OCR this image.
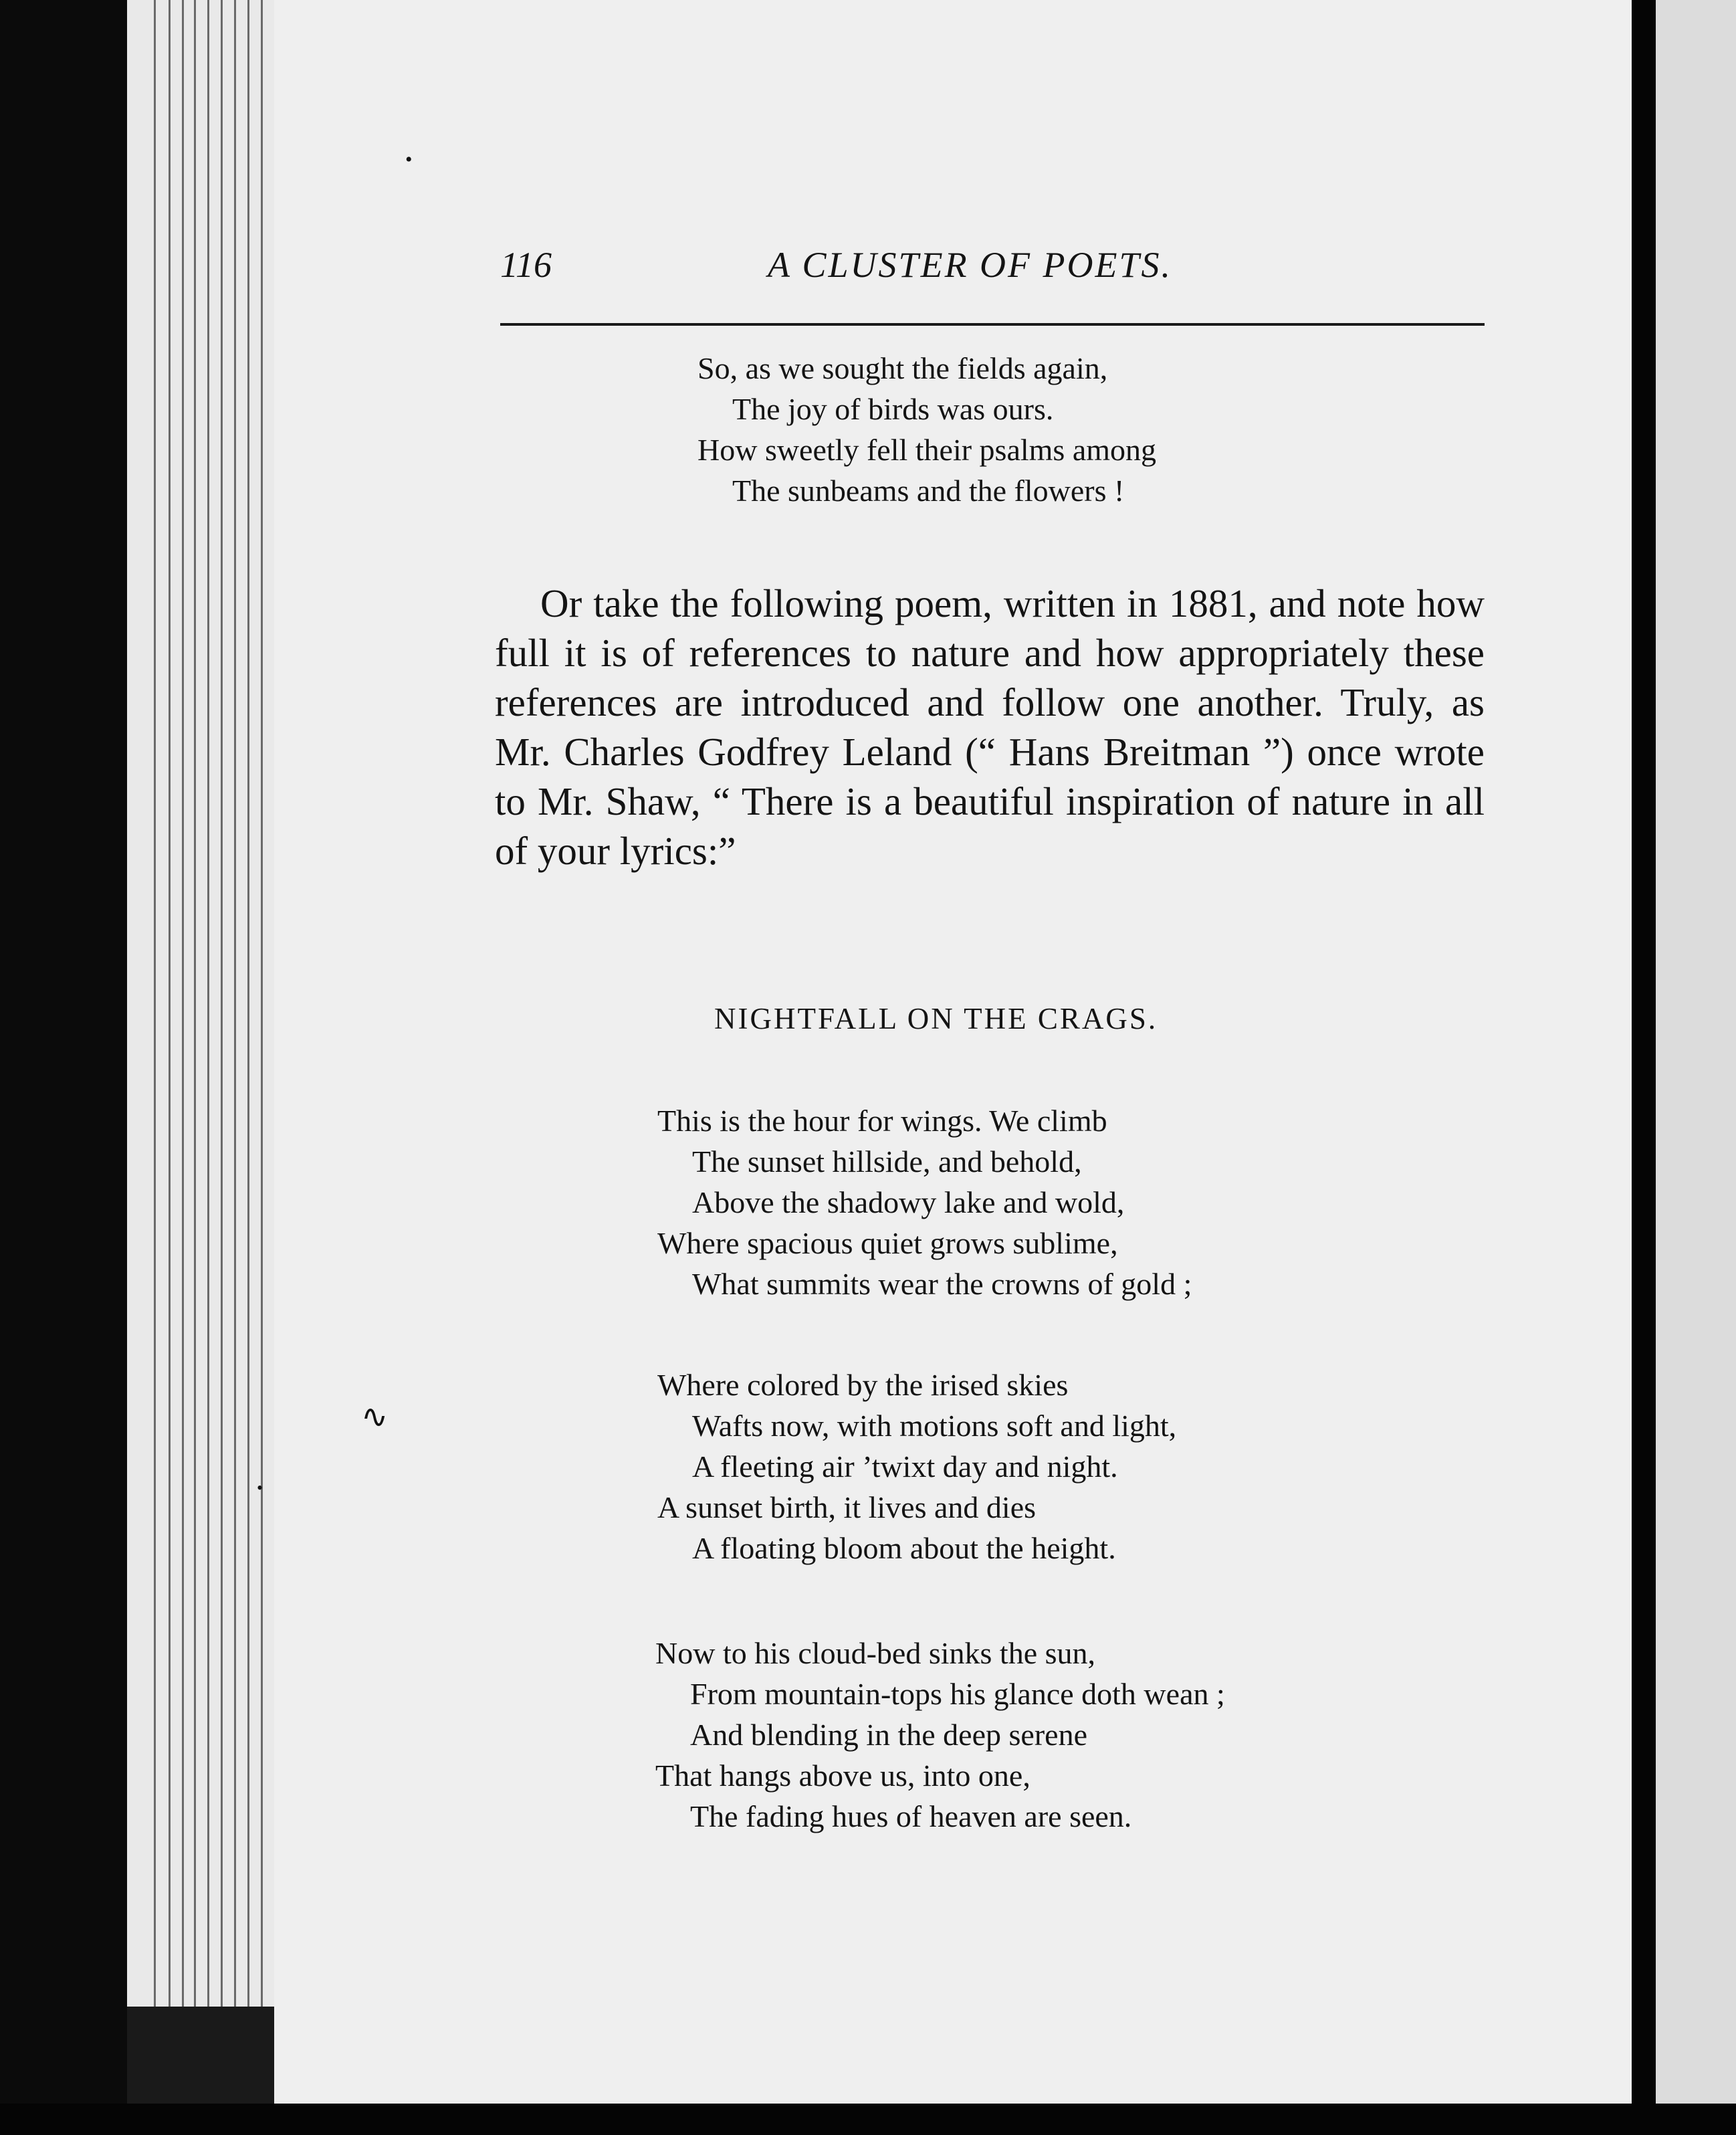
116	A CLUSTER OF POETS.
So, as we sought the fields again,
The joy of birds was ours.
How sweetly fell their psalms among
The sunbeams and the flowers !

Or take the following poem, written in 1881, and note how full it is of references to nature and how appropriately these references are introduced and follow one another. Truly, as Mr. Charles Godfrey Leland (“ Hans Breitman ”) once wrote to Mr. Shaw, “ There is a beautiful inspiration of nature in all of your lyrics:”

NIGHTFALL ON THE CRAGS.
This is the hour for wings. We climb
The sunset hillside, and behold,
Above the shadowy lake and wold,
Where spacious quiet grows sublime,
What summits wear the crowns of gold ;
Where colored by the irised skies
Wafts now, with motions soft and light,
A fleeting air ’twixt day and night.
A sunset birth, it lives and dies
A floating bloom about the height.
Now to his cloud-bed sinks the sun,
From mountain-tops his glance doth wean ;
And blending in the deep serene
That hangs above us, into one,
The fading hues of heaven are seen.
∿
•
•
